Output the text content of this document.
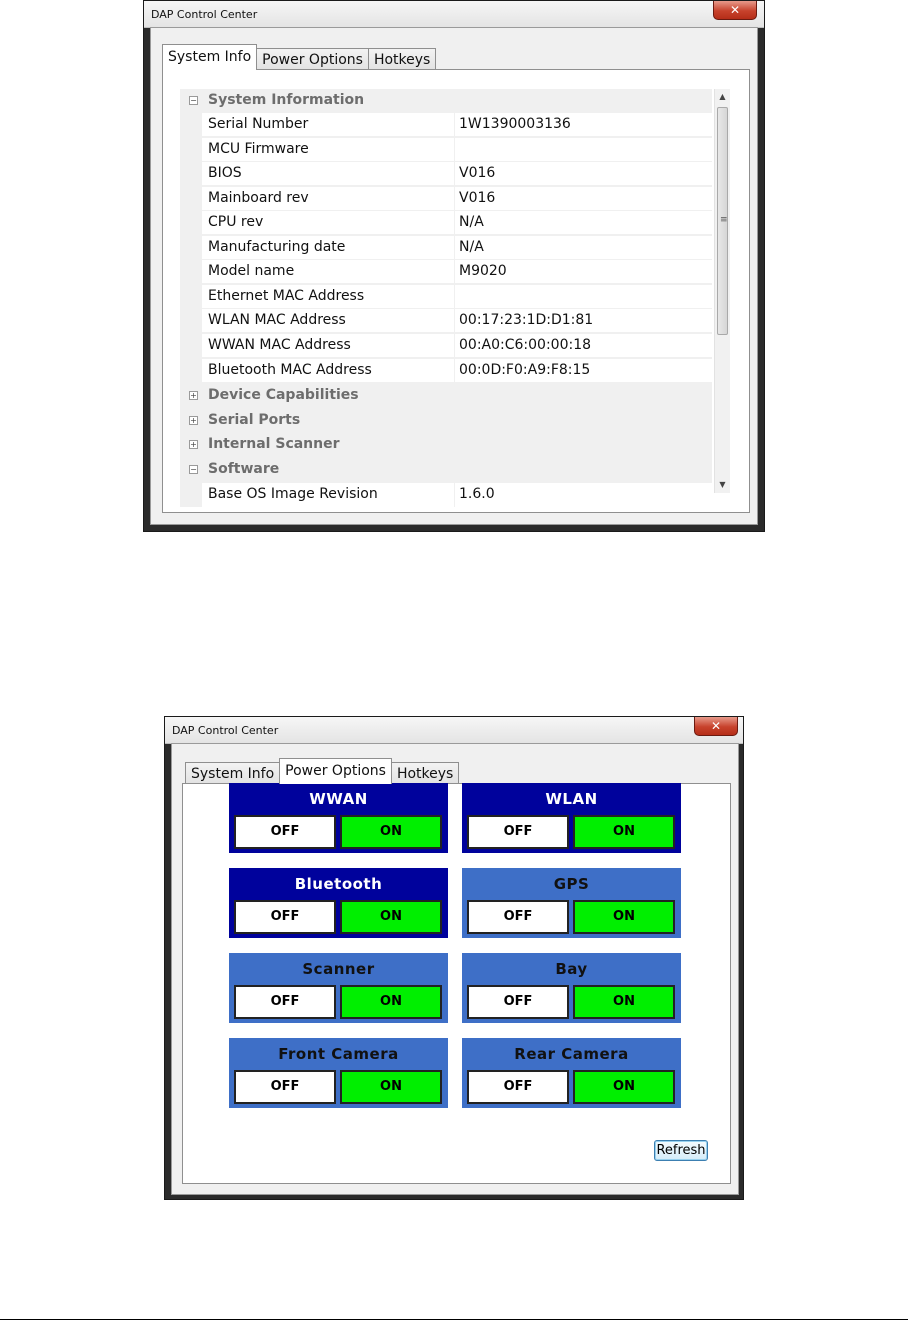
DAP Control Center	✕
System Info Power Options Hotkeys
− System Information
Serial Number	1W1390003136
MCU Firmware
BIOS	V016
Mainboard rev	V016
CPU rev	N/A
Manufacturing date	N/A
Model name	M9020
Ethernet MAC Address
WLAN MAC Address	00:17:23:1D:D1:81
WWAN MAC Address	00:A0:C6:00:00:18
Bluetooth MAC Address	00:0D:F0:A9:F8:15
+ Device Capabilities
+ Serial Ports
+ Internal Scanner
− Software
Base OS Image Revision	1.6.0
▲
≡
▼
DAP Control Center	✕
System Info Power Options Hotkeys
WWAN
OFF	ON
WLAN
OFF	ON
Bluetooth
OFF	ON
GPS
OFF	ON
Scanner
OFF	ON
Bay
OFF	ON
Front Camera
OFF	ON
Rear Camera
OFF	ON
Refresh
